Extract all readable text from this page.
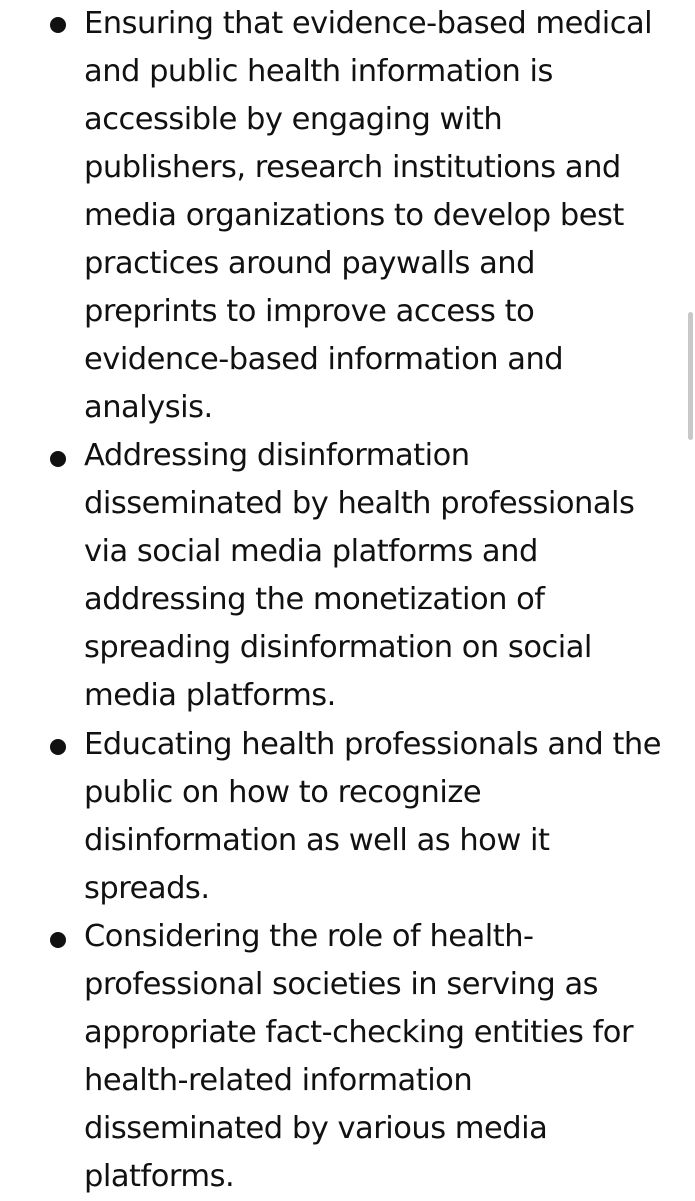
Ensuring that evidence-based medical
and public health information is
accessible by engaging with
publishers, research institutions and
media organizations to develop best
practices around paywalls and
preprints to improve access to
evidence-based information and
analysis.
Addressing disinformation
disseminated by health professionals
via social media platforms and
addressing the monetization of
spreading disinformation on social
media platforms.
Educating health professionals and the
public on how to recognize
disinformation as well as how it
spreads.
Considering the role of health-
professional societies in serving as
appropriate fact-checking entities for
health-related information
disseminated by various media
platforms.
